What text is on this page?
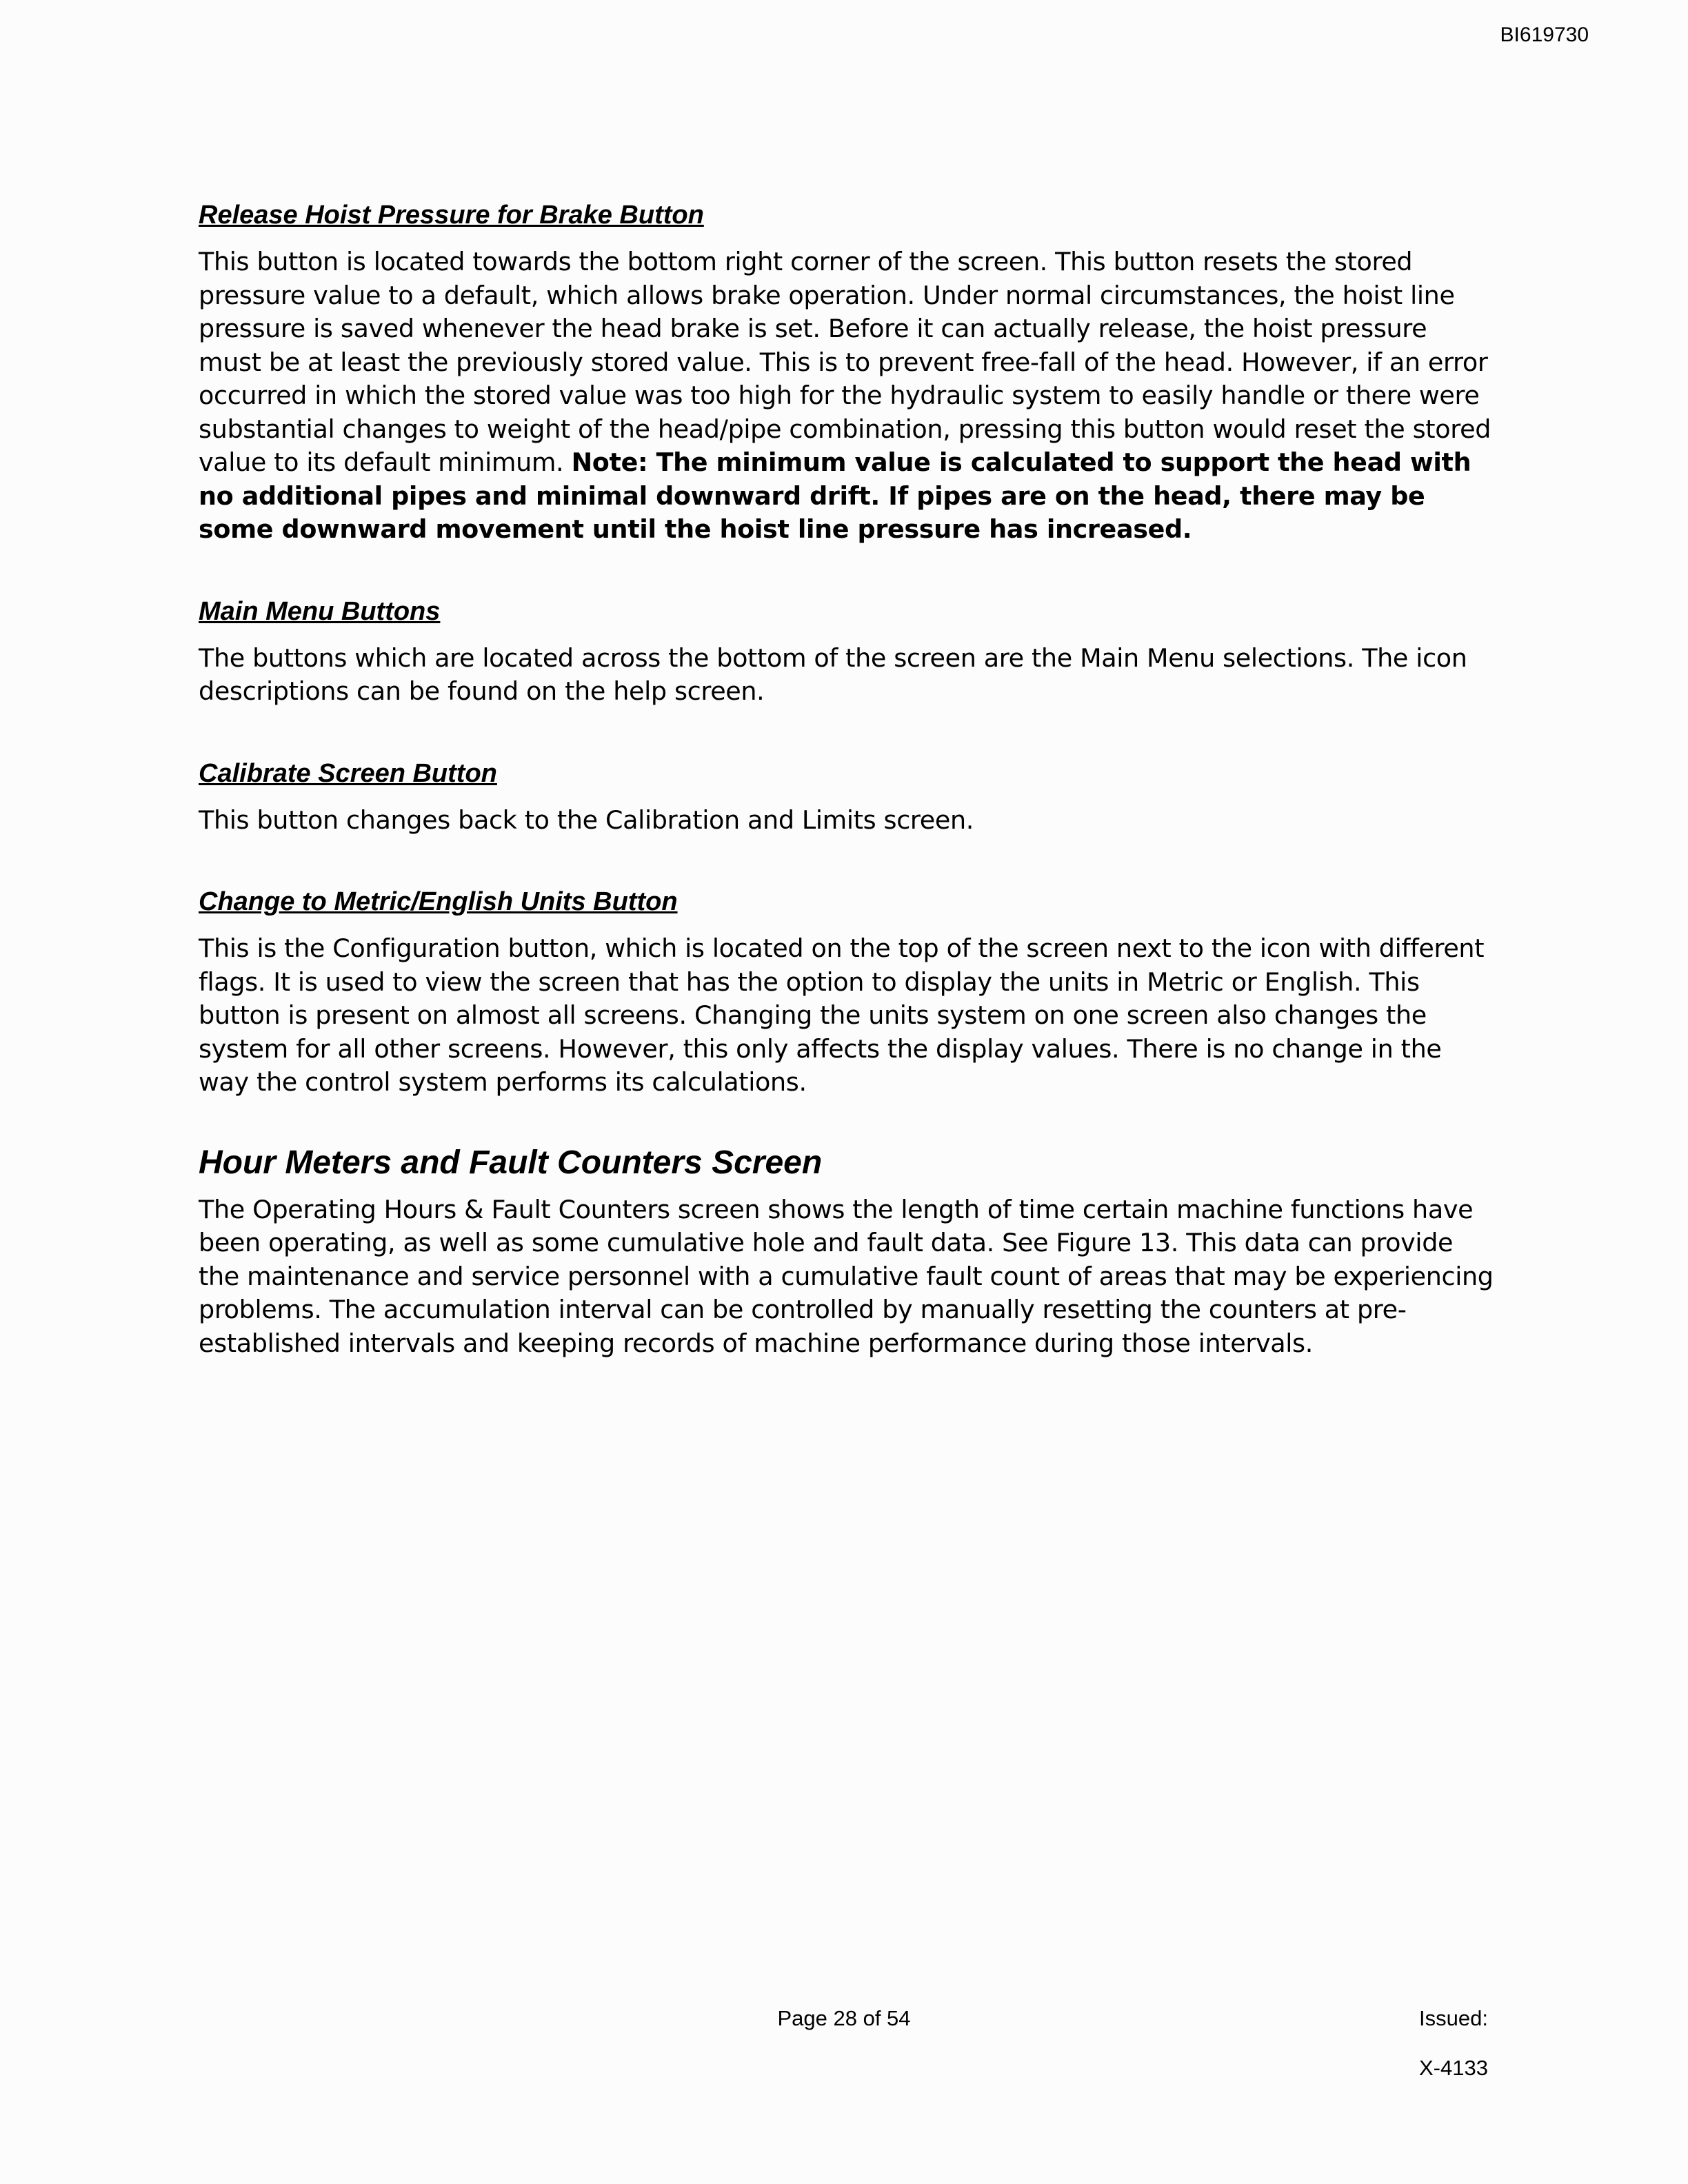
BI619730
Release Hoist Pressure for Brake Button

This button is located towards the bottom right corner of the screen. This button resets the stored pressure value to a default, which allows brake operation. Under normal circumstances, the hoist line pressure is saved whenever the head brake is set. Before it can actually release, the hoist pressure must be at least the previously stored value. This is to prevent free-fall of the head. However, if an error occurred in which the stored value was too high for the hydraulic system to easily handle or there were substantial changes to weight of the head/pipe combination, pressing this button would reset the stored value to its default minimum. Note: The minimum value is calculated to support the head with no additional pipes and minimal downward drift. If pipes are on the head, there may be some downward movement until the hoist line pressure has increased.

Main Menu Buttons

The buttons which are located across the bottom of the screen are the Main Menu selections. The icon descriptions can be found on the help screen.

Calibrate Screen Button

This button changes back to the Calibration and Limits screen.

Change to Metric/English Units Button

This is the Configuration button, which is located on the top of the screen next to the icon with different flags. It is used to view the screen that has the option to display the units in Metric or English. This button is present on almost all screens. Changing the units system on one screen also changes the system for all other screens. However, this only affects the display values. There is no change in the way the control system performs its calculations.

Hour Meters and Fault Counters Screen

The Operating Hours & Fault Counters screen shows the length of time certain machine functions have been operating, as well as some cumulative hole and fault data. See Figure 13. This data can provide the maintenance and service personnel with a cumulative fault count of areas that may be experiencing problems. The accumulation interval can be controlled by manually resetting the counters at pre-established intervals and keeping records of machine performance during those intervals.

Page 28 of 54	Issued:
X-4133
